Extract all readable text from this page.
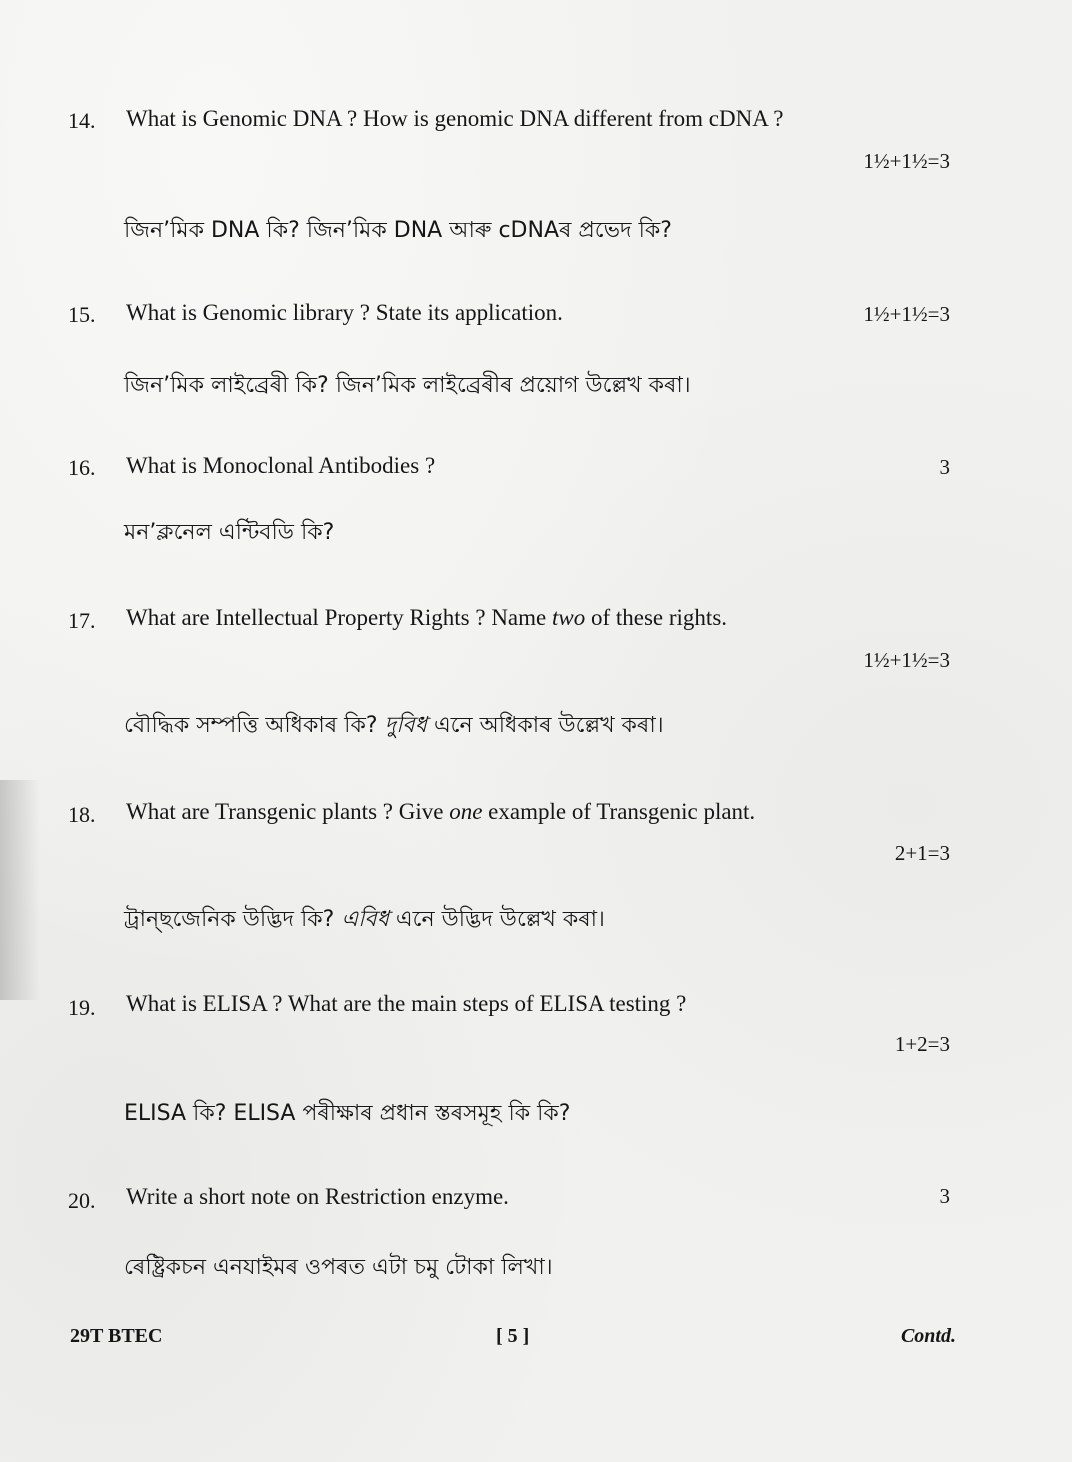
14. What is Genomic DNA ? How is genomic DNA different from cDNA ?
1½+1½=3
জিন’মিক DNA কি? জিন’মিক DNA আৰু cDNAৰ প্ৰভেদ কি?
15. What is Genomic library ? State its application.	1½+1½=3
জিন’মিক লাইব্ৰেৰী কি? জিন’মিক লাইব্ৰেৰীৰ প্ৰয়োগ উল্লেখ কৰা।
16. What is Monoclonal Antibodies ?	3
মন’ক্লনেল এন্টিবডি কি?
17. What are Intellectual Property Rights ? Name two of these rights.
1½+1½=3
বৌদ্ধিক সম্পত্তি অধিকাৰ কি? দুবিধ এনে অধিকাৰ উল্লেখ কৰা।
18. What are Transgenic plants ? Give one example of Transgenic plant.
2+1=3
ট্ৰান্‌ছজেনিক উদ্ভিদ কি? এবিধ এনে উদ্ভিদ উল্লেখ কৰা।
19. What is ELISA ? What are the main steps of ELISA testing ?
1+2=3
ELISA কি? ELISA পৰীক্ষাৰ প্ৰধান স্তৰসমূহ কি কি?
20. Write a short note on Restriction enzyme.	3
ৰেষ্ট্ৰিকচন এনযাইমৰ ওপৰত এটা চমু টোকা লিখা।
29T BTEC	[ 5 ]	Contd.
